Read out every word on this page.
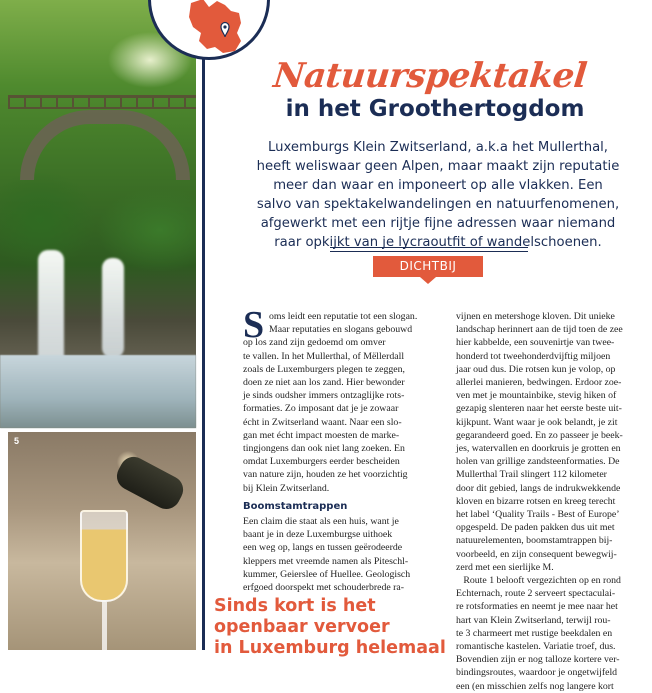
5
Natuurspektakel
in het Groothertogdom
Luxemburgs Klein Zwitserland, a.k.a het Mullerthal,
heeft weliswaar geen Alpen, maar maakt zijn reputatie
meer dan waar en imponeert op alle vlakken. Een
salvo van spektakelwandelingen en natuurfenomenen,
afgewerkt met een rijtje fijne adressen waar niemand
raar opkijkt van je lycraoutfit of wandelschoenen.
DICHTBIJ
S oms leidt een reputatie tot een slogan.
Maar reputaties en slogans gebouwd
op los zand zijn gedoemd om omver
te vallen. In het Mullerthal, of Mëllerdall
zoals de Luxemburgers plegen te zeggen,
doen ze niet aan los zand. Hier bewonder
je sinds oudsher immers ontzaglijke rots-
formaties. Zo imposant dat je je zowaar
écht in Zwitserland waant. Naar een slo-
gan met écht impact moesten de marke-
tingjongens dan ook niet lang zoeken. En
omdat Luxemburgers eerder bescheiden
van nature zijn, houden ze het voorzichtig
bij Klein Zwitserland.
Boomstamtrappen
Een claim die staat als een huis, want je
baant je in deze Luxemburgse uithoek
een weg op, langs en tussen geërodeerde
kleppers met vreemde namen als Piteschl-
kummer, Geierslee of Huellee. Geologisch
erfgoed doorspekt met schouderbrede ra-
vijnen en metershoge kloven. Dit unieke
landschap herinnert aan de tijd toen de zee
hier kabbelde, een souvenirtje van twee-
honderd tot tweehonderdvijftig miljoen
jaar oud dus. Die rotsen kun je volop, op
allerlei manieren, bedwingen. Erdoor zoe-
ven met je mountainbike, stevig hiken of
gezapig slenteren naar het eerste beste uit-
kijkpunt. Want waar je ook belandt, je zit
gegarandeerd goed. En zo passeer je beek-
jes, watervallen en doorkruis je grotten en
holen van grillige zandsteenformaties. De
Mullerthal Trail slingert 112 kilometer
door dit gebied, langs de indrukwekkende
kloven en bizarre rotsen en kreeg terecht
het label ‘Quality Trails - Best of Europe’
opgespeld. De paden pakken dus uit met
natuurelementen, boomstamtrappen bij-
voorbeeld, en zijn consequent bewegwij-
zerd met een sierlijke M.
Route 1 belooft vergezichten op en rond
Echternach, route 2 serveert spectaculai-
re rotsformaties en neemt je mee naar het
hart van Klein Zwitserland, terwijl rou-
te 3 charmeert met rustige beekdalen en
romantische kastelen. Variatie troef, dus.
Bovendien zijn er nog talloze kortere ver-
bindingsroutes, waardoor je ongetwijfeld
een (en misschien zelfs nog langere kort
Sinds kort is het
openbaar vervoer
in Luxemburg helemaal
